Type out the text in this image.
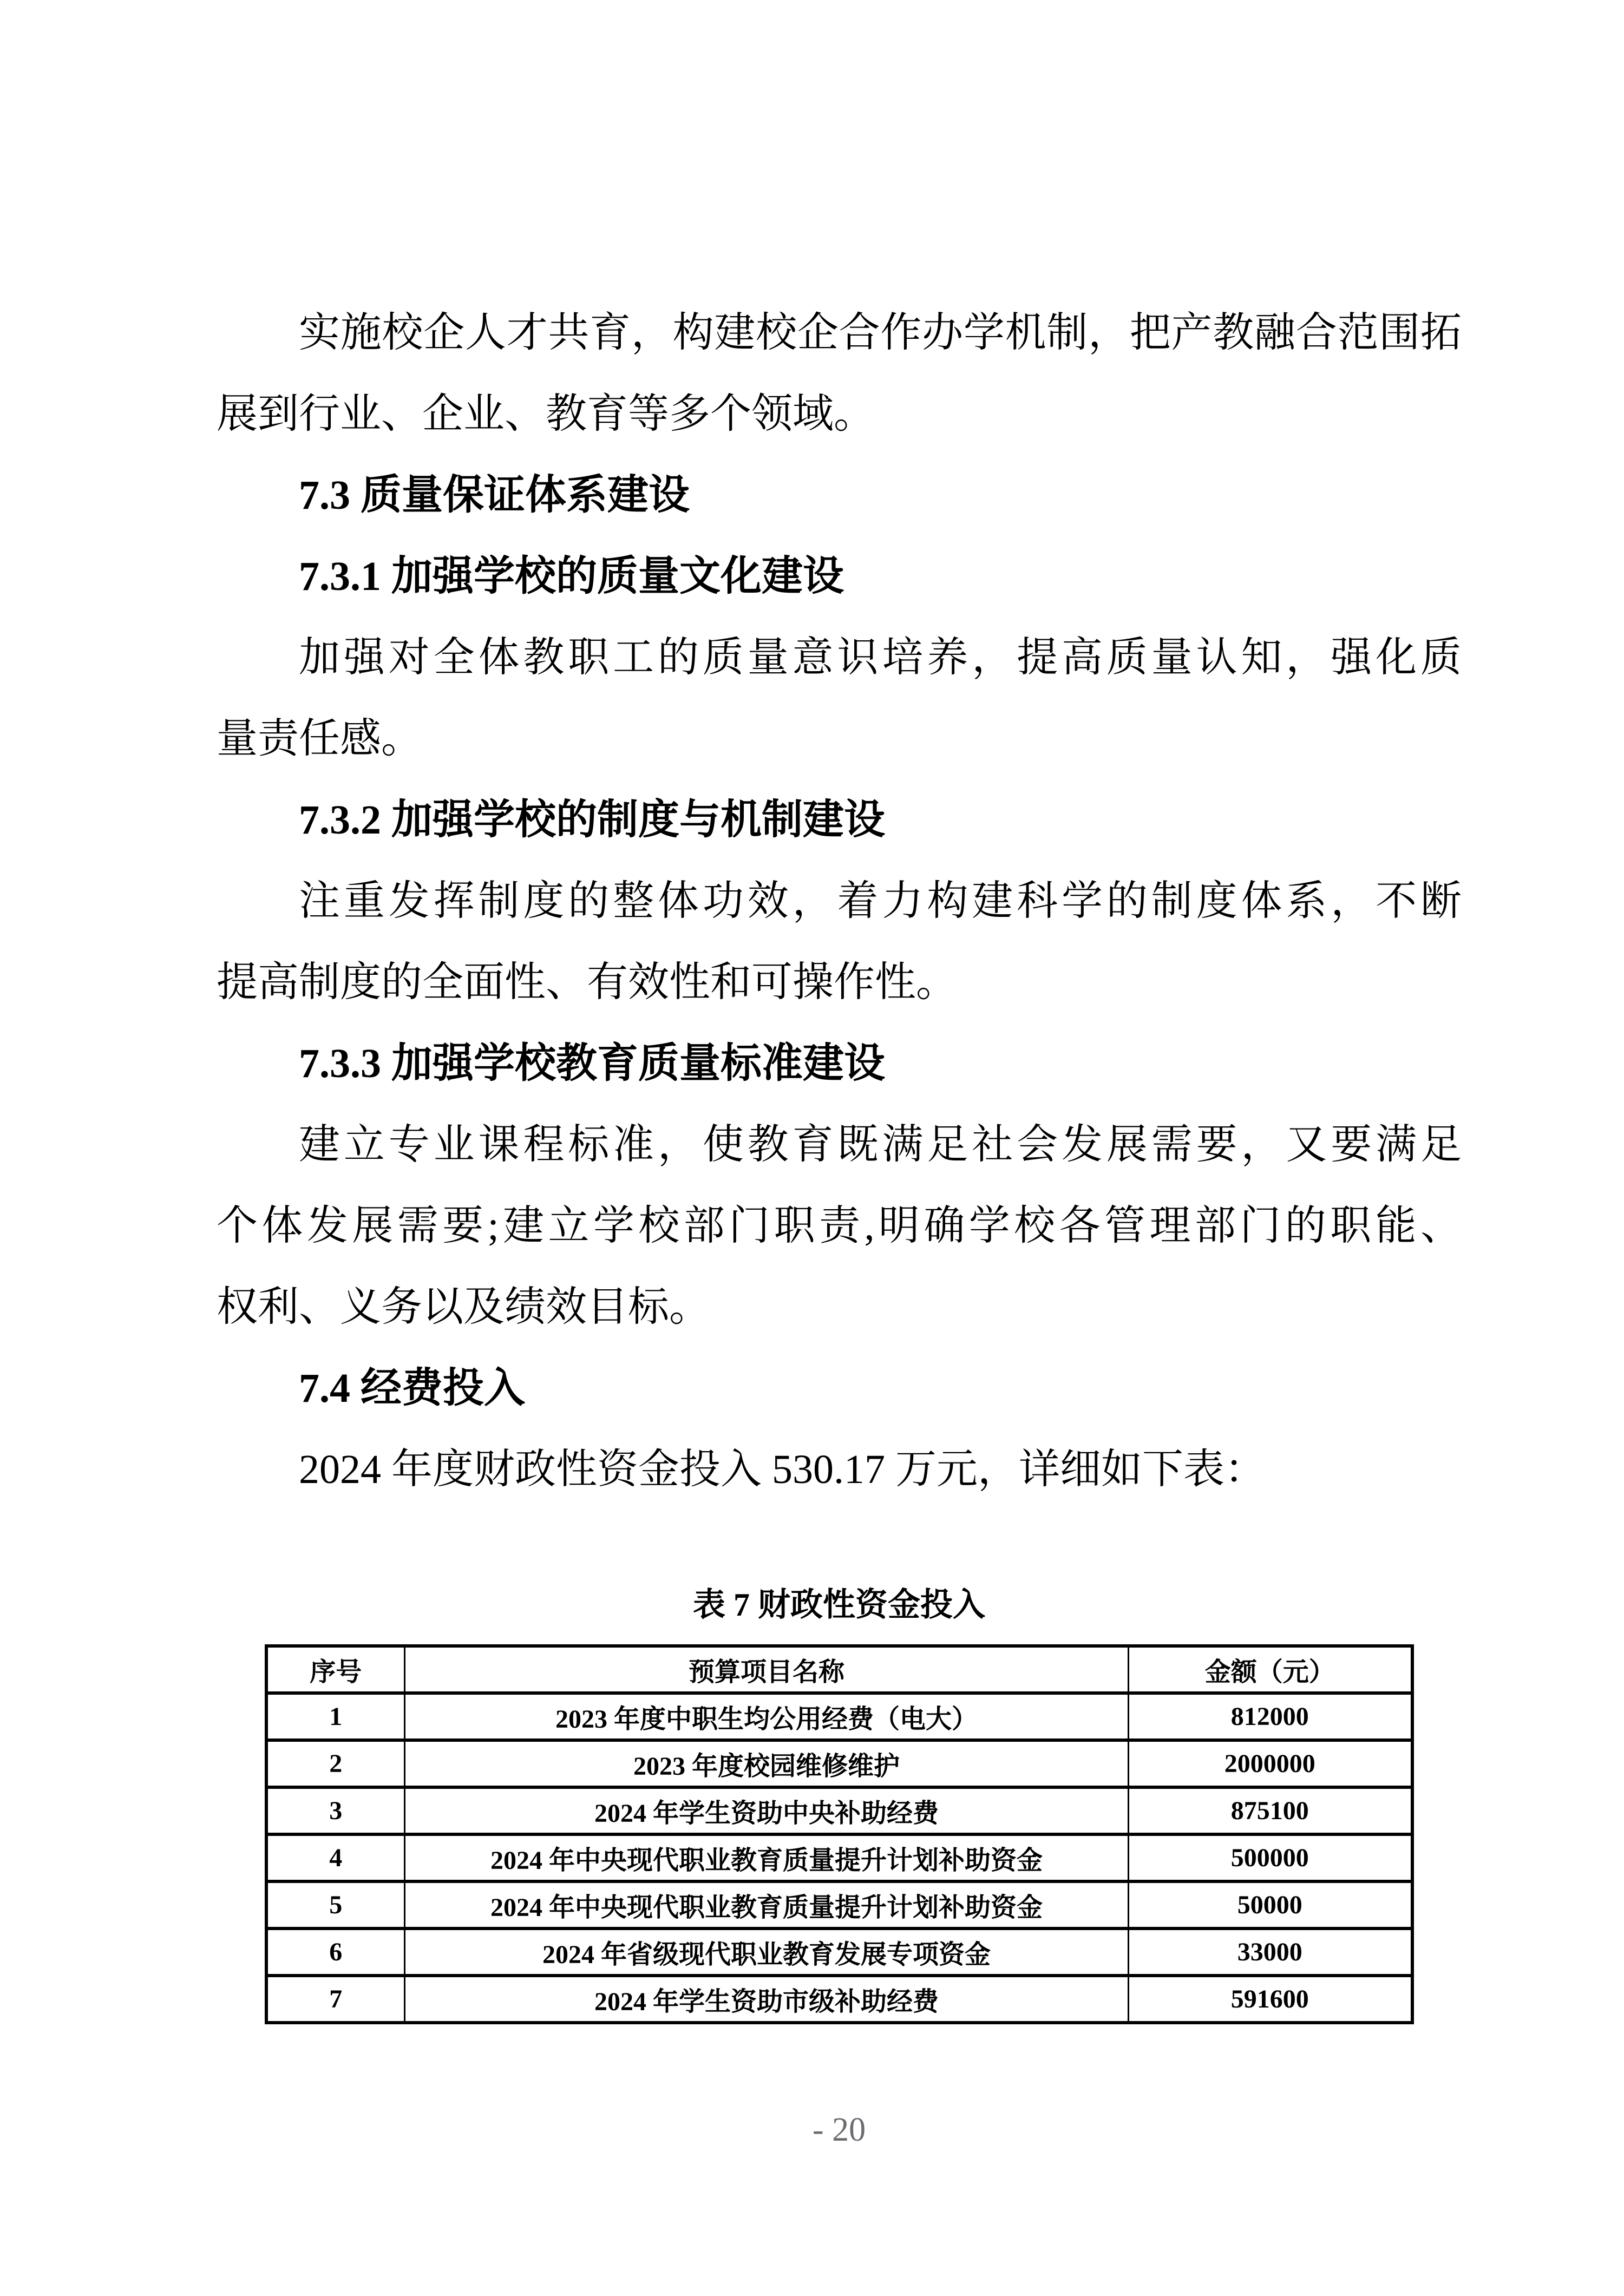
实施校企人才共育，构建校企合作办学机制，把产教融合范围拓
展到行业、企业、教育等多个领域。
7.3 质量保证体系建设
7.3.1 加强学校的质量文化建设
加强对全体教职工的质量意识培养，提高质量认知，强化质
量责任感。
7.3.2 加强学校的制度与机制建设
注重发挥制度的整体功效，着力构建科学的制度体系，不断
提高制度的全面性、有效性和可操作性。
7.3.3 加强学校教育质量标准建设
建立专业课程标准，使教育既满足社会发展需要，又要满足
个体发展需要;建立学校部门职责,明确学校各管理部门的职能、
权利、义务以及绩效目标。
7.4 经费投入
2024 年度财政性资金投入 530.17 万元，详细如下表：
表 7 财政性资金投入
序号	预算项目名称	金额（元）
1	2023 年度中职生均公用经费（电大）	812000
2	2023 年度校园维修维护	2000000
3	2024 年学生资助中央补助经费	875100
4	2024 年中央现代职业教育质量提升计划补助资金	500000
5	2024 年中央现代职业教育质量提升计划补助资金	50000
6	2024 年省级现代职业教育发展专项资金	33000
7	2024 年学生资助市级补助经费	591600
- 20
